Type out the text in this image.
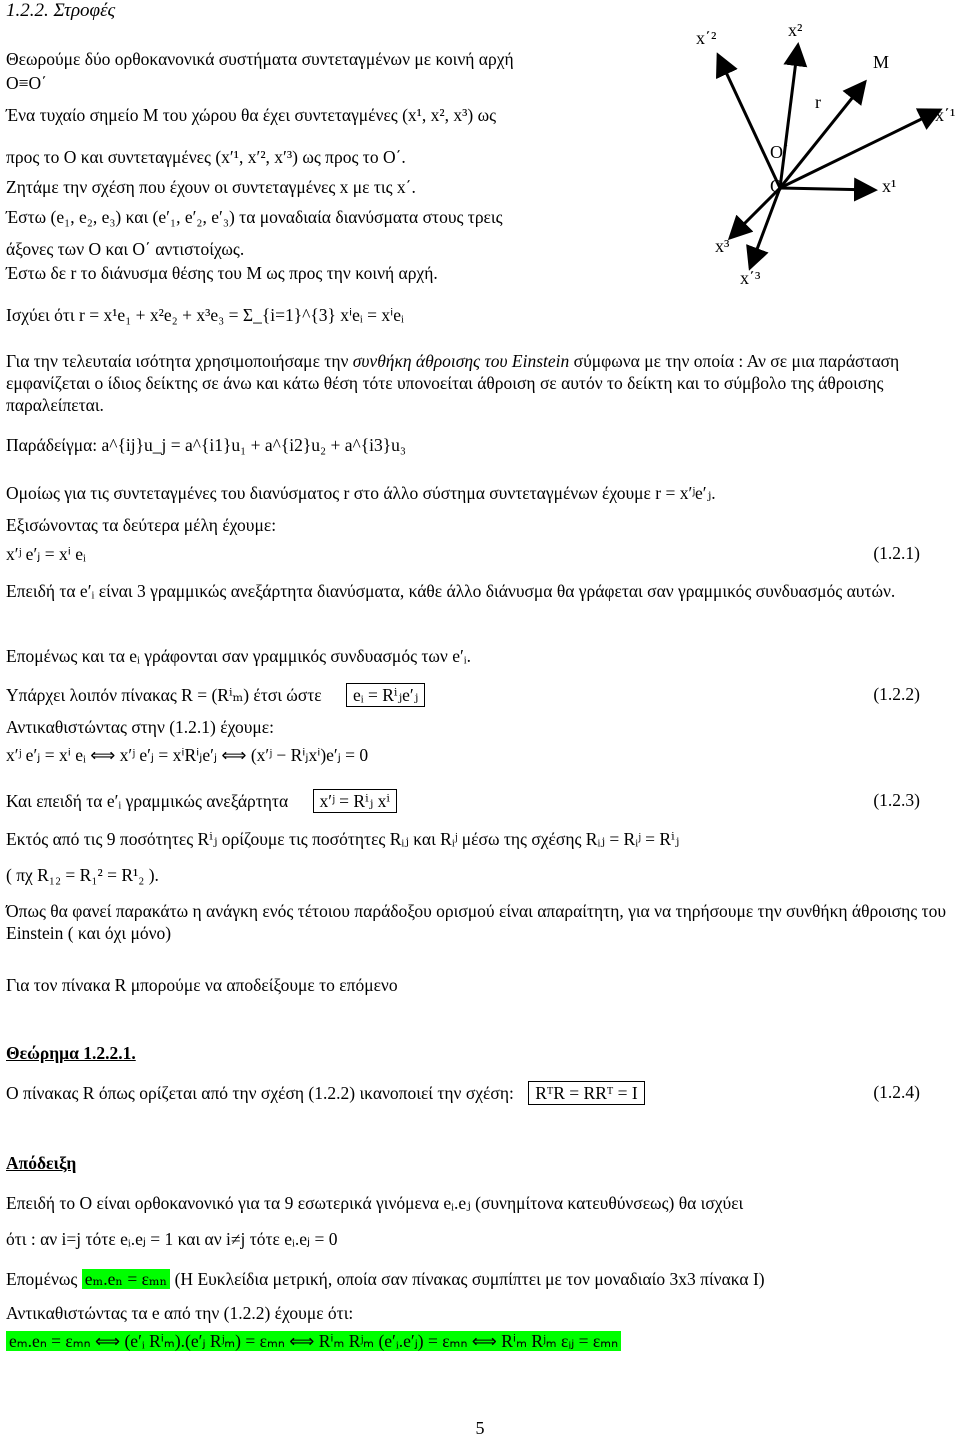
1.2.2. Στροφές
Θεωρούμε δύο ορθοκανονικά συστήματα συντεταγμένων με κοινή αρχή
O≡O΄
Ένα τυχαίο σημείο M του χώρου θα έχει συντεταγμένες (x¹, x², x³) ως
προς το O και συντεταγμένες (x′¹, x′², x′³) ως προς το O΄.
Ζητάμε την σχέση που έχουν οι συντεταγμένες x με τις x΄.
Έστω (e₁, e₂, e₃) και (e′₁, e′₂, e′₃) τα μοναδιαία διανύσματα στους τρεις
άξονες των O και O΄ αντιστοίχως.
Έστω δε r το διάνυσμα θέσης του M ως προς την κοινή αρχή.
Ισχύει ότι r = x¹e₁ + x²e₂ + x³e₃ = Σ_{i=1}^{3} xⁱeᵢ = xⁱeᵢ
x΄²	x²
M
r
x΄¹
O΄
O	x¹
x³
x΄³
Για την τελευταία ισότητα χρησιμοποιήσαμε την συνθήκη άθροισης του Einstein σύμφωνα με την οποία : Αν σε μια παράσταση εμφανίζεται ο ίδιος δείκτης σε άνω και κάτω θέση τότε υπονοείται άθροιση σε αυτόν το δείκτη και το σύμβολο της άθροισης παραλείπεται.
Παράδείγμα: a^{ij}u_j = a^{i1}u₁ + a^{i2}u₂ + a^{i3}u₃
Ομοίως για τις συντεταγμένες του διανύσματος r στο άλλο σύστημα συντεταγμένων έχουμε r = x′ʲe′ⱼ.
Εξισώνοντας τα δεύτερα μέλη έχουμε:
x′ʲ e′ⱼ = xⁱ eᵢ	(1.2.1)
Επειδή τα e′ᵢ είναι 3 γραμμικώς ανεξάρτητα διανύσματα, κάθε άλλο διάνυσμα θα γράφεται σαν γραμμικός συνδυασμός αυτών.
Επομένως και τα eᵢ γράφονται σαν γραμμικός συνδυασμός των e′ᵢ.
Υπάρχει λοιπόν πίνακας R = (Rⁱₘ) έτσι ώστε eᵢ = Rⁱⱼe′ⱼ	(1.2.2)
Αντικαθιστώντας στην (1.2.1) έχουμε:
x′ʲ e′ⱼ = xⁱ eᵢ ⟺ x′ʲ e′ⱼ = xⁱRⁱⱼe′ⱼ ⟺ (x′ʲ − Rⁱⱼxⁱ)e′ⱼ = 0
Και επειδή τα e′ᵢ γραμμικώς ανεξάρτητα x′ʲ = Rⁱⱼ xⁱ	(1.2.3)
Εκτός από τις 9 ποσότητες Rⁱⱼ ορίζουμε τις ποσότητες Rᵢⱼ και Rᵢʲ μέσω της σχέσης Rᵢⱼ = Rᵢʲ = Rⁱⱼ
( πχ R₁₂ = R₁² = R¹₂ ).
Όπως θα φανεί παρακάτω η ανάγκη ενός τέτοιου παράδοξου ορισμού είναι απαραίτητη, για να τηρήσουμε την συνθήκη άθροισης του Einstein ( και όχι μόνο)
Για τον πίνακα R μπορούμε να αποδείξουμε το επόμενο
Θεώρημα 1.2.2.1.
O πίνακας R όπως ορίζεται από την σχέση (1.2.2) ικανοποιεί την σχέση: RᵀR = RRᵀ = I	(1.2.4)
Απόδειξη
Επειδή το O είναι ορθοκανονικό για τα 9 εσωτερικά γινόμενα eᵢ.eⱼ (συνημίτονα κατευθύνσεως) θα ισχύει
ότι : αν i=j τότε eᵢ.eⱼ = 1 και αν i≠j τότε eᵢ.eⱼ = 0
Επομένως eₘ.eₙ = εₘₙ (Η Ευκλείδια μετρική, οποία σαν πίνακας συμπίπτει με τον μοναδιαίο 3x3 πίνακα I)
Αντικαθιστώντας τα e από την (1.2.2) έχουμε ότι:
eₘ.eₙ = εₘₙ ⟺ (e′ᵢ Rⁱₘ).(e′ⱼ Rʲₘ) = εₘₙ ⟺ Rⁱₘ Rʲₘ (e′ᵢ.e′ⱼ) = εₘₙ ⟺ Rⁱₘ Rʲₘ εᵢⱼ = εₘₙ
5
